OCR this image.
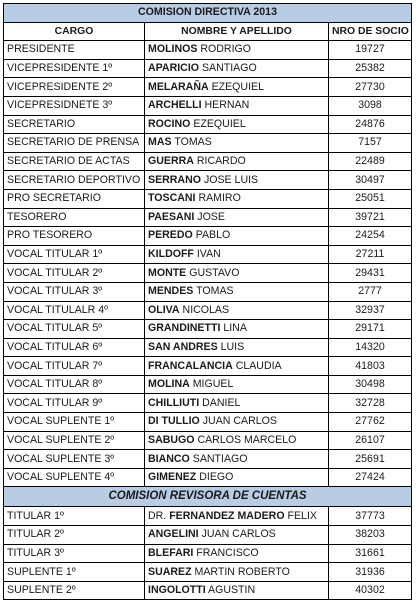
COMISION DIRECTIVA 2013		
CARGO	NOMBRE Y APELLIDO	NRO DE SOCIO
PRESIDENTE	MOLINOS RODRIGO	19727
VICEPRESIDENTE 1º	APARICIO SANTIAGO	25382
VICEPRESIDENTE 2º	MELARAÑA EZEQUIEL	27730
VICEPRESIDNETE 3º	ARCHELLI HERNAN	3098
SECRETARIO	ROCINO EZEQUIEL	24876
SECRETARIO DE PRENSA	MAS TOMAS	7157
SECRETARIO DE ACTAS	GUERRA RICARDO	22489
SECRETARIO DEPORTIVO	SERRANO JOSE LUIS	30497
PRO SECRETARIO	TOSCANI RAMIRO	25051
TESORERO	PAESANI JOSE	39721
PRO TESORERO	PEREDO PABLO	24254
VOCAL TITULAR 1º	KILDOFF IVAN	27211
VOCAL TITULAR 2º	MONTE GUSTAVO	29431
VOCAL TITULAR 3º	MENDES TOMAS	2777
VOCAL TITULALR 4º	OLIVA NICOLAS	32937
VOCAL TITULAR 5º	GRANDINETTI LINA	29171
VOCAL TITULAR 6º	SAN ANDRES LUIS	14320
VOCAL TITULAR 7º	FRANCALANCIA CLAUDIA	41803
VOCAL TITULAR 8º	MOLINA MIGUEL	30498
VOCAL TITULAR 9º	CHILLIUTI DANIEL	32728
VOCAL SUPLENTE 1º	DI TULLIO JUAN CARLOS	27762
VOCAL SUPLENTE 2º	SABUGO CARLOS MARCELO	26107
VOCAL SUPLENTE 3º	BIANCO SANTIAGO	25691
VOCAL SUPLENTE 4º	GIMENEZ DIEGO	27424
COMISION REVISORA DE CUENTAS		
TITULAR 1º	DR. FERNANDEZ MADERO FELIX	37773
TITULAR 2º	ANGELINI JUAN CARLOS	38203
TITULAR 3º	BLEFARI FRANCISCO	31661
SUPLENTE 1º	SUAREZ MARTIN ROBERTO	31936
SUPLENTE 2º	INGOLOTTI AGUSTIN	40302
